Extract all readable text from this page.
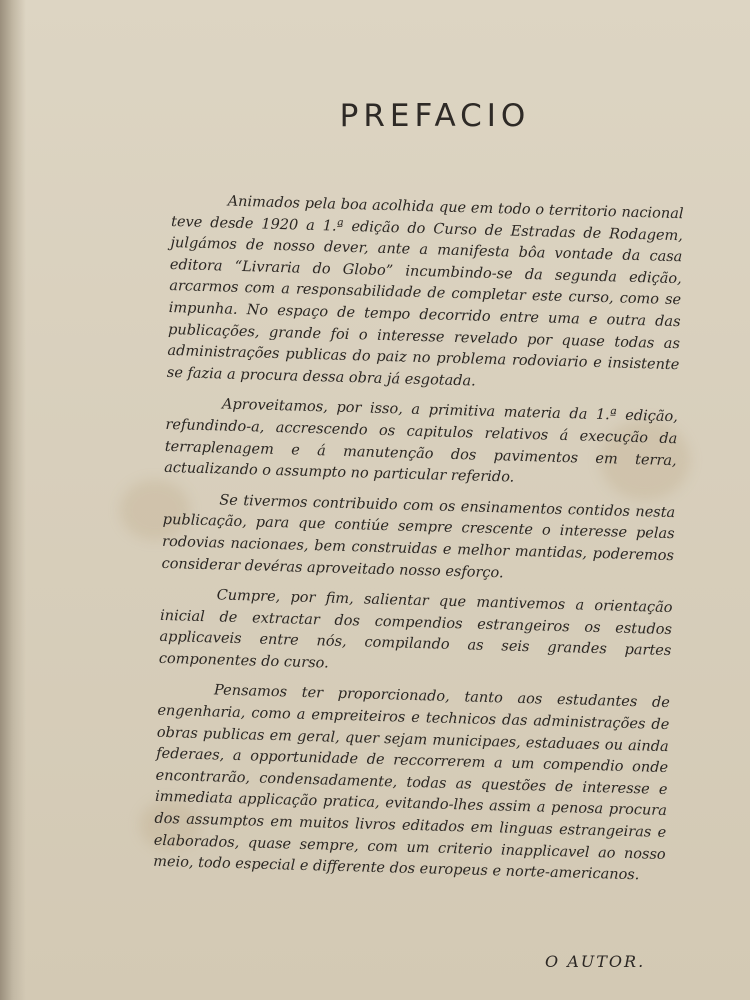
PREFACIO

Animados pela boa acolhida que em todo o territorio nacional teve desde 1920 a 1.ª edição do Curso de Estradas de Rodagem, julgámos de nosso dever, ante a manifesta bôa vontade da casa editora “Livraria do Globo” incumbindo-se da segunda edição, arcarmos com a responsabilidade de completar este curso, como se impunha. No espaço de tempo decorrido entre uma e outra das publicações, grande foi o interesse revelado por quase todas as administrações publicas do paiz no problema rodoviario e insistente se fazia a procura dessa obra já esgotada.

Aproveitamos, por isso, a primitiva materia da 1.ª edição, refundindo-a, accrescendo os capitulos relativos á execução da terraplenagem e á manutenção dos pavimentos em terra, actualizando o assumpto no particular referido.

Se tivermos contribuido com os ensinamentos contidos nesta publicação, para que contiúe sempre crescente o interesse pelas rodovias nacionaes, bem construidas e melhor mantidas, poderemos considerar devéras aproveitado nosso esforço.

Cumpre, por fim, salientar que mantivemos a orientação inicial de extractar dos compendios estrangeiros os estudos applicaveis entre nós, compilando as seis grandes partes componentes do curso.

Pensamos ter proporcionado, tanto aos estudantes de engenharia, como a empreiteiros e technicos das administrações de obras publicas em geral, quer sejam municipaes, estaduaes ou ainda federaes, a opportunidade de reccorrerem a um compendio onde encontrarão, condensadamente, todas as questões de interesse e immediata applicação pratica, evitando-lhes assim a penosa procura dos assumptos em muitos livros editados em linguas estrangeiras e elaborados, quase sempre, com um criterio inapplicavel ao nosso meio, todo especial e differente dos europeus e norte-americanos.

O AUTOR.
